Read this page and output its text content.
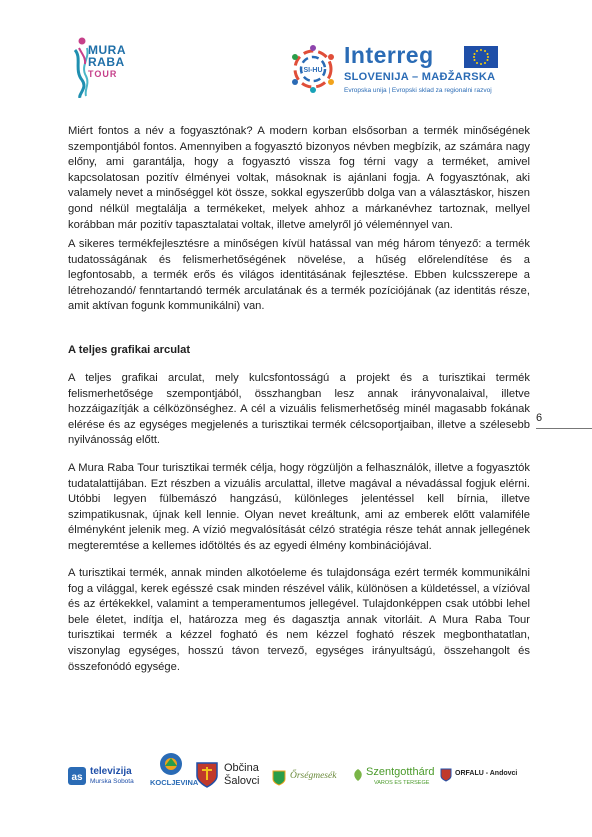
MURA
RABA
TOUR	SI-HU
Interreg
SLOVENIJA – MAĐŽARSKA
Evropska unija | Evropski sklad za regionalni razvoj
Miért fontos a név a fogyasztónak? A modern korban elsősorban a termék minőségének szempontjából fontos. Amennyiben a fogyasztó bizonyos névben megbízik, az számára nagy előny, ami garantálja, hogy a fogyasztó vissza fog térni vagy a terméket, amivel kapcsolatosan pozitív élményei voltak, másoknak is ajánlani fogja. A fogyasztónak, aki valamely nevet a minőséggel köt össze, sokkal egyszerűbb dolga van a választáskor, hiszen gond nélkül megtalálja a termékeket, melyek ahhoz a márkanévhez tartoznak, mellyel korábban már pozitív tapasztalatai voltak, illetve amelyről jó véleménnyel van.
A sikeres termékfejlesztésre a minőségen kívül hatással van még három tényező: a termék tudatosságának és felismerhetőségének növelése, a hűség előrelendítése és a legfontosabb, a termék erős és világos identitásának fejlesztése. Ebben kulcsszerepe a létrehozandó/ fenntartandó termék arculatának és a termék pozíciójának (az identitás része, amit aktívan fogunk kommunikálni) van.
A teljes grafikai arculat
A teljes grafikai arculat, mely kulcsfontosságú a projekt és a turisztikai termék felismerhetősége szempontjából, összhangban lesz annak irányvonalaival, illetve hozzáigazítják a célközönséghez. A cél a vizuális felismerhetőség minél magasabb fokának elérése és az egységes megjelenés a turisztikai termék célcsoportjaiban, illetve a szélesebb nyilvánosság előtt.
A Mura Raba Tour turisztikai termék célja, hogy rögzüljön a felhasználók, illetve a fogyasztók tudatalattijában. Ezt részben a vizuális arculattal, illetve magával a névadással fogjuk elérni. Utóbbi legyen fülbemászó hangzású, különleges jelentéssel kell bírnia, illetve szimpatikusnak, újnak kell lennie. Olyan nevet kreáltunk, ami az emberek előtt valamiféle élményként jelenik meg. A vízió megvalósítását célzó stratégia része tehát annak jellegének megteremtése a kellemes időtöltés és az egyedi élmény kombinációjával.
A turisztikai termék, annak minden alkotóeleme és tulajdonsága ezért termék kommunikálni fog a világgal, kerek egésszé csak minden részével válik, különösen a küldetéssel, a vízióval és az értékekkel, valamint a temperamentumos jellegével. Tulajdonképpen csak utóbbi lehel bele életet, indítja el, határozza meg és dagasztja annak vitorláit. A Mura Raba Tour turisztikai termék a kézzel fogható és nem kézzel fogható részek megbonthatatlan, viszonylag egységes, hosszú távon tervező, egységes irányultságú, összehangolt és összefonódó egysége.
6
as
televizija
Murska Sobota KOCLJEVINA
Občina
Šalovci	Őrségmesék	Szentgotthárd
VAROS ES TERSEGE
ORFALU - Andovci
